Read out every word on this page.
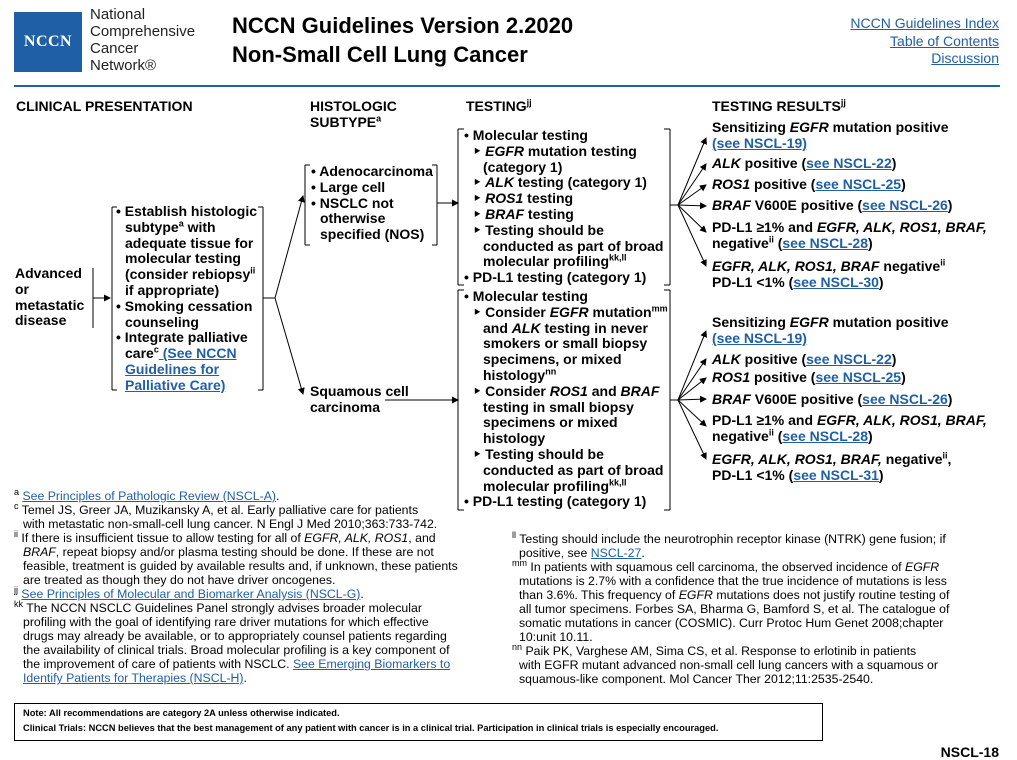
NCCN
National
Comprehensive
Cancer
Network®
NCCN Guidelines Version 2.2020
Non-Small Cell Lung Cancer
NCCN Guidelines Index
Table of Contents
Discussion
CLINICAL PRESENTATION	HISTOLOGIC
SUBTYPE$^a$
$TESTING^{jj}$	TESTING $RESULTS^{jj}$
Advanced
or
metastatic
disease
• Establish histologic
subtype$^a$ with
adequate tissue for
molecular testing
(consider rebiopsy$^{ii}$
if appropriate)
• Smoking cessation
counseling
• Integrate palliative
care$^c$ (See NCCN
Guidelines for
Palliative Care)
• Adenocarcinoma
• Large cell
• NSCLC not
otherwise
specified (NOS)
Squamous cell
carcinoma
• Molecular testing
‣ EGFR mutation testing
(category 1)
‣ ALK testing (category 1)
‣ ROS1 testing
‣ BRAF testing
‣ Testing should be
conducted as part of broad
molecular profiling$^{kk,ll}$
• PD-L1 testing (category 1)
• Molecular testing
‣ Consider EGFR mutation$^{mm}$
and ALK testing in never
smokers or small biopsy
specimens, or mixed
histology$^{nn}$
‣ Consider ROS1 and BRAF
testing in small biopsy
specimens or mixed
histology
‣ Testing should be
conducted as part of broad
molecular profiling$^{kk,ll}$
• PD-L1 testing (category 1)
Sensitizing EGFR mutation positive
(see NSCL-19)
ALK positive (see NSCL-22)
ROS1 positive (see NSCL-25)
BRAF V600E positive (see NSCL-26)
PD-L1 ≥1% and EGFR, ALK, ROS1, BRAF,
negative$^{ii}$ (see NSCL-28)
EGFR, ALK, ROS1, BRAF negative$^{ii}$
PD-L1 <1% (see NSCL-30)
Sensitizing EGFR mutation positive
(see NSCL-19)
ALK positive (see NSCL-22)
ROS1 positive (see NSCL-25)
BRAF V600E positive (see NSCL-26)
PD-L1 ≥1% and EGFR, ALK, ROS1, BRAF,
negative$^{ii}$ (see NSCL-28)
EGFR, ALK, ROS1, BRAF, negative$^{ii}$,
PD-L1 <1% (see NSCL-31)
$^a$ See Principles of Pathologic Review (NSCL-A).
$^c$ Temel JS, Greer JA, Muzikansky A, et al. Early palliative care for patients
with metastatic non-small-cell lung cancer. N Engl J Med 2010;363:733-742.
$^{ii}$ If there is insufficient tissue to allow testing for all of EGFR, ALK, ROS1, and
BRAF, repeat biopsy and/or plasma testing should be done. If these are not
feasible, treatment is guided by available results and, if unknown, these patients
are treated as though they do not have driver oncogenes.
$^{jj}$ See Principles of Molecular and Biomarker Analysis (NSCL-G).
$^{kk}$ The NCCN NSCLC Guidelines Panel strongly advises broader molecular
profiling with the goal of identifying rare driver mutations for which effective
drugs may already be available, or to appropriately counsel patients regarding
the availability of clinical trials. Broad molecular profiling is a key component of
the improvement of care of patients with NSCLC. See Emerging Biomarkers to
Identify Patients for Therapies (NSCL-H).
$^{ll}$ Testing should include the neurotrophin receptor kinase (NTRK) gene fusion; if
positive, see NSCL-27.
$^{mm}$ In patients with squamous cell carcinoma, the observed incidence of EGFR
mutations is 2.7% with a confidence that the true incidence of mutations is less
than 3.6%. This frequency of EGFR mutations does not justify routine testing of
all tumor specimens. Forbes SA, Bharma G, Bamford S, et al. The catalogue of
somatic mutations in cancer (COSMIC). Curr Protoc Hum Genet 2008;chapter
10:unit 10.11.
$^{nn}$ Paik PK, Varghese AM, Sima CS, et al. Response to erlotinib in patients
with EGFR mutant advanced non-small cell lung cancers with a squamous or
squamous-like component. Mol Cancer Ther 2012;11:2535-2540.
Note: All recommendations are category 2A unless otherwise indicated.
Clinical Trials: NCCN believes that the best management of any patient with cancer is in a clinical trial. Participation in clinical trials is especially encouraged.
NSCL-18
